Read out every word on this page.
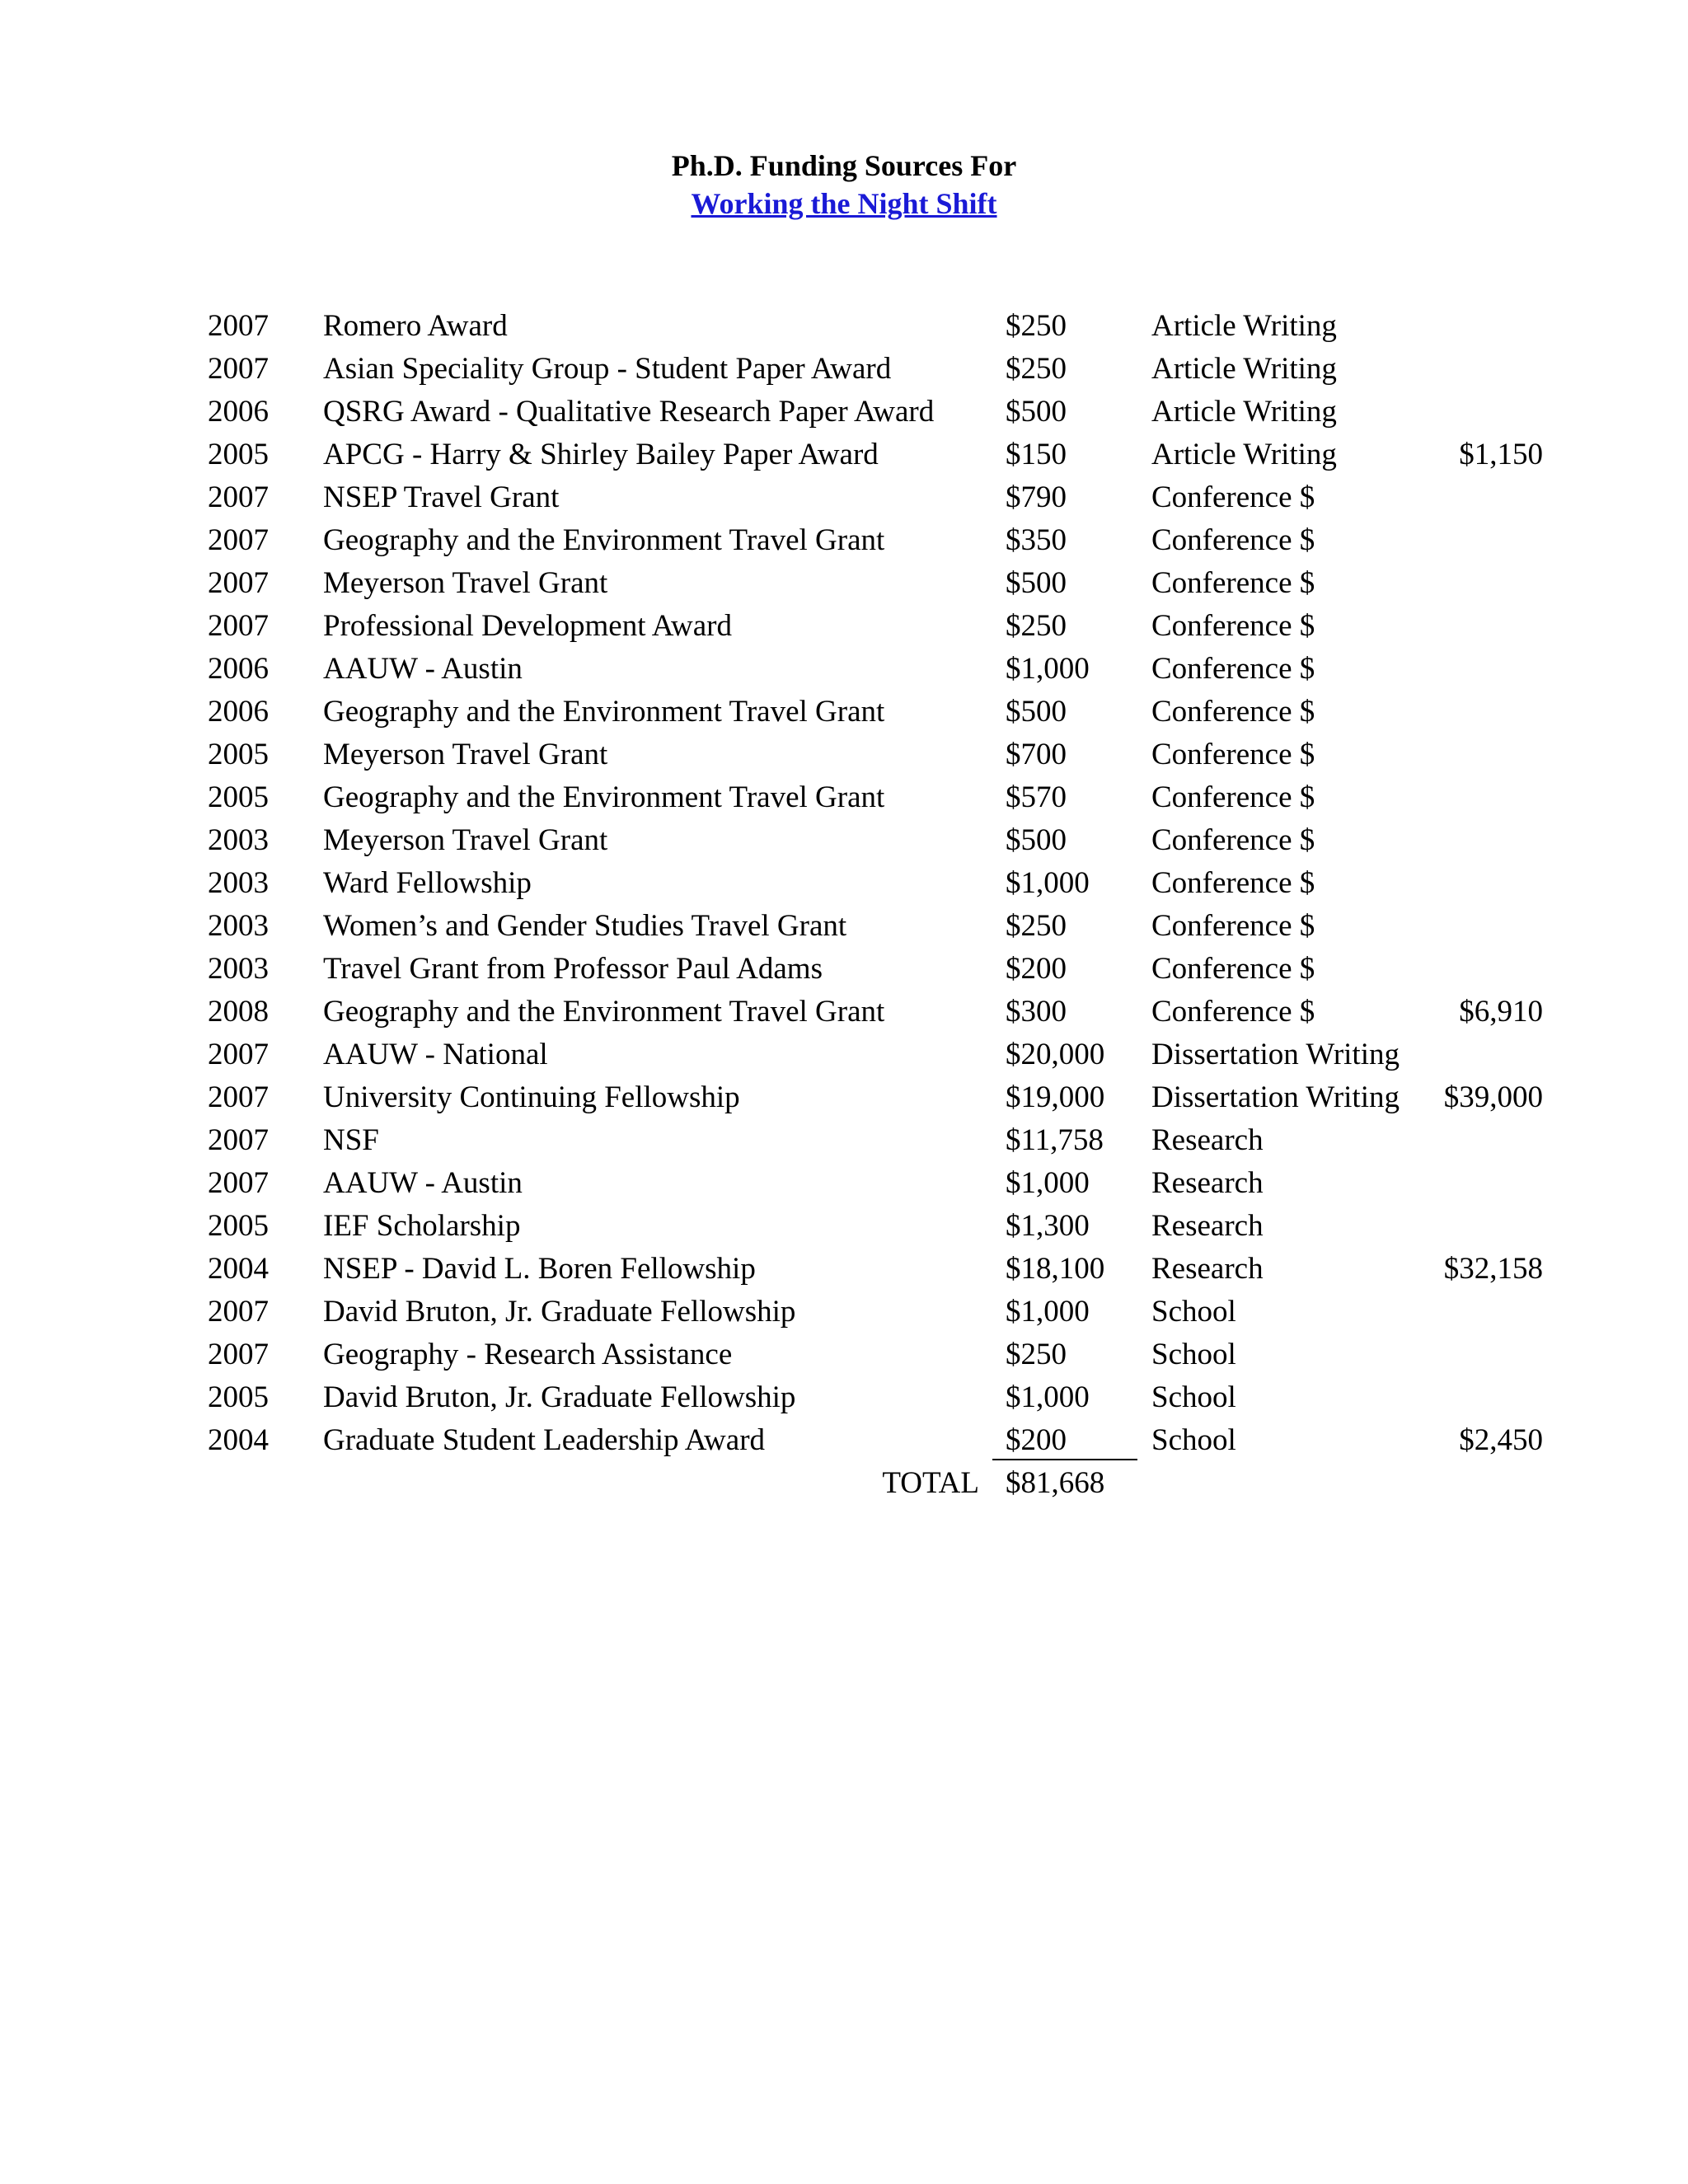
Ph.D. Funding Sources For

Working the Night Shift
2007 Romero Award	$250	Article Writing
2007 Asian Speciality Group - Student Paper Award	$250	Article Writing
2006 QSRG Award - Qualitative Research Paper Award $500	Article Writing
2005 APCG - Harry & Shirley Bailey Paper Award	$150	Article Writing	$1,150
2007 NSEP Travel Grant	$790	Conference $
2007 Geography and the Environment Travel Grant	$350	Conference $
2007 Meyerson Travel Grant	$500	Conference $
2007 Professional Development Award	$250	Conference $
2006 AAUW - Austin	$1,000 Conference $
2006 Geography and the Environment Travel Grant	$500	Conference $
2005 Meyerson Travel Grant	$700	Conference $
2005 Geography and the Environment Travel Grant	$570	Conference $
2003 Meyerson Travel Grant	$500	Conference $
2003 Ward Fellowship	$1,000 Conference $
2003 Women’s and Gender Studies Travel Grant	$250	Conference $
2003 Travel Grant from Professor Paul Adams	$200	Conference $
2008 Geography and the Environment Travel Grant	$300	Conference $	$6,910
2007 AAUW - National	$20,000 Dissertation Writing
2007 University Continuing Fellowship	$19,000 Dissertation Writing $39,000
2007 NSF	$11,758 Research
2007 AAUW - Austin	$1,000 Research
2005 IEF Scholarship	$1,300 Research
2004 NSEP - David L. Boren Fellowship	$18,100 Research	$32,158
2007 David Bruton, Jr. Graduate Fellowship	$1,000 School
2007 Geography - Research Assistance	$250	School
2005 David Bruton, Jr. Graduate Fellowship	$1,000 School
2004 Graduate Student Leadership Award	$200	School	$2,450
TOTAL $81,668
